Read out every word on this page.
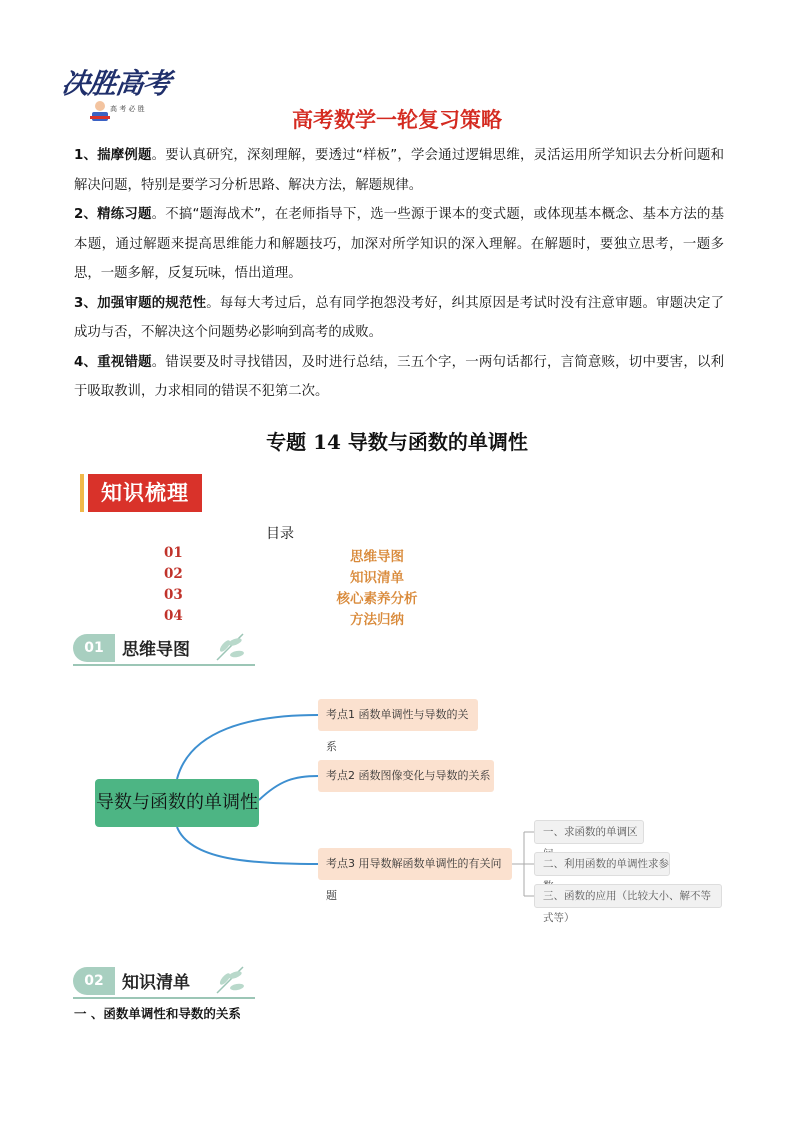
决胜高考
高 考 必 胜	高考数学一轮复习策略

1、揣摩例题。要认真研究，深刻理解，要透过“样板”，学会通过逻辑思维，灵活运用所学知识去分析问题和解决问题，特别是要学习分析思路、解决方法，解题规律。

2、精练习题。不搞“题海战术”，在老师指导下，选一些源于课本的变式题，或体现基本概念、基本方法的基本题，通过解题来提高思维能力和解题技巧，加深对所学知识的深入理解。在解题时，要独立思考，一题多思，一题多解，反复玩味，悟出道理。

3、加强审题的规范性。每每大考过后，总有同学抱怨没考好，纠其原因是考试时没有注意审题。审题决定了成功与否，不解决这个问题势必影响到高考的成败。

4、重视错题。错误要及时寻找错因，及时进行总结，三五个字，一两句话都行，言简意赅，切中要害，以利于吸取教训，力求相同的错误不犯第二次。

专题 14 导数与函数的单调性
知识梳理
目录
01	思维导图
02	知识清单
03	核心素养分析
04	方法归纳
01	思维导图
导数与函数的单调性
考点1 函数单调性与导数的关系
考点2 函数图像变化与导数的关系
考点3 用导数解函数单调性的有关问题
一、求函数的单调区
二、利用函数的单调性求参
三、函数的应用（比较大小、解不等式等）
02	知识清单
一 、函数单调性和导数的关系
